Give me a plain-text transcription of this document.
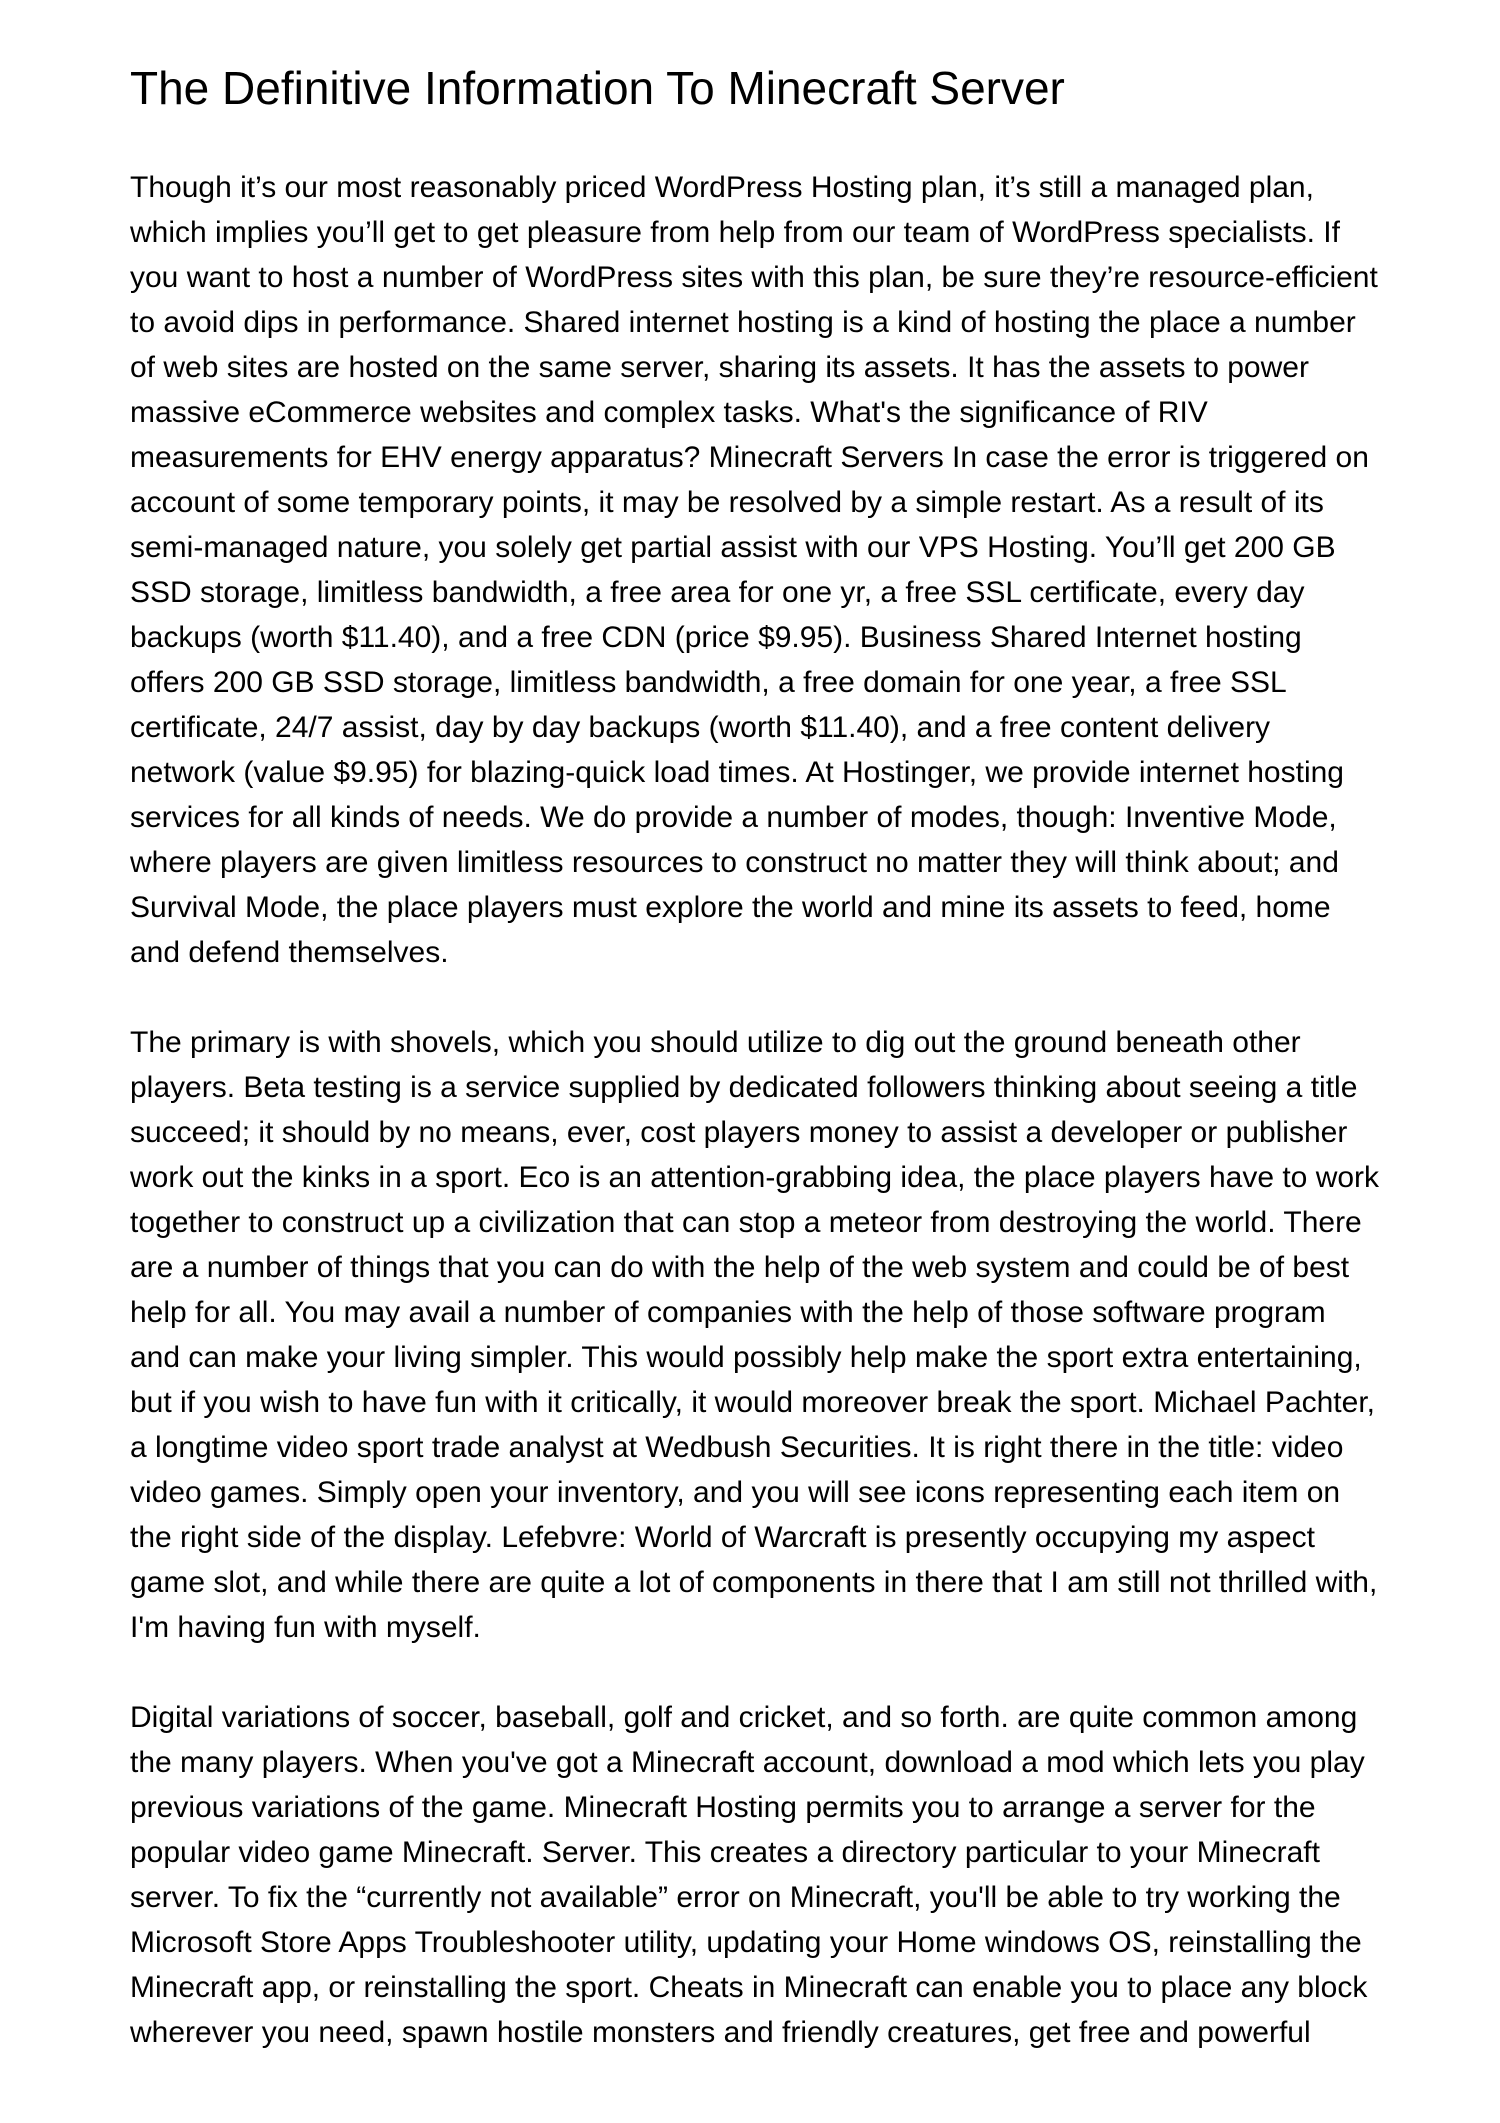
The Definitive Information To Minecraft Server

Though it’s our most reasonably priced WordPress Hosting plan, it’s still a managed plan, which implies you’ll get to get pleasure from help from our team of WordPress specialists. If you want to host a number of WordPress sites with this plan, be sure they’re resource-efficient to avoid dips in performance. Shared internet hosting is a kind of hosting the place a number of web sites are hosted on the same server, sharing its assets. It has the assets to power massive eCommerce websites and complex tasks. What's the significance of RIV measurements for EHV energy apparatus? Minecraft Servers In case the error is triggered on account of some temporary points, it may be resolved by a simple restart. As a result of its semi-managed nature, you solely get partial assist with our VPS Hosting. You’ll get 200 GB SSD storage, limitless bandwidth, a free area for one yr, a free SSL certificate, every day backups (worth $11.40), and a free CDN (price $9.95). Business Shared Internet hosting offers 200 GB SSD storage, limitless bandwidth, a free domain for one year, a free SSL certificate, 24/7 assist, day by day backups (worth $11.40), and a free content delivery network (value $9.95) for blazing-quick load times. At Hostinger, we provide internet hosting services for all kinds of needs. We do provide a number of modes, though: Inventive Mode, where players are given limitless resources to construct no matter they will think about; and Survival Mode, the place players must explore the world and mine its assets to feed, home and defend themselves.

The primary is with shovels, which you should utilize to dig out the ground beneath other players. Beta testing is a service supplied by dedicated followers thinking about seeing a title succeed; it should by no means, ever, cost players money to assist a developer or publisher work out the kinks in a sport. Eco is an attention-grabbing idea, the place players have to work together to construct up a civilization that can stop a meteor from destroying the world. There are a number of things that you can do with the help of the web system and could be of best help for all. You may avail a number of companies with the help of those software program and can make your living simpler. This would possibly help make the sport extra entertaining, but if you wish to have fun with it critically, it would moreover break the sport. Michael Pachter, a longtime video sport trade analyst at Wedbush Securities. It is right there in the title: video video games. Simply open your inventory, and you will see icons representing each item on the right side of the display. Lefebvre: World of Warcraft is presently occupying my aspect game slot, and while there are quite a lot of components in there that I am still not thrilled with, I'm having fun with myself.

Digital variations of soccer, baseball, golf and cricket, and so forth. are quite common among the many players. When you've got a Minecraft account, download a mod which lets you play previous variations of the game. Minecraft Hosting permits you to arrange a server for the popular video game Minecraft. Server. This creates a directory particular to your Minecraft server. To fix the “currently not available” error on Minecraft, you'll be able to try working the Microsoft Store Apps Troubleshooter utility, updating your Home windows OS, reinstalling the Minecraft app, or reinstalling the sport. Cheats in Minecraft can enable you to place any block wherever you need, spawn hostile monsters and friendly creatures, get free and powerful
